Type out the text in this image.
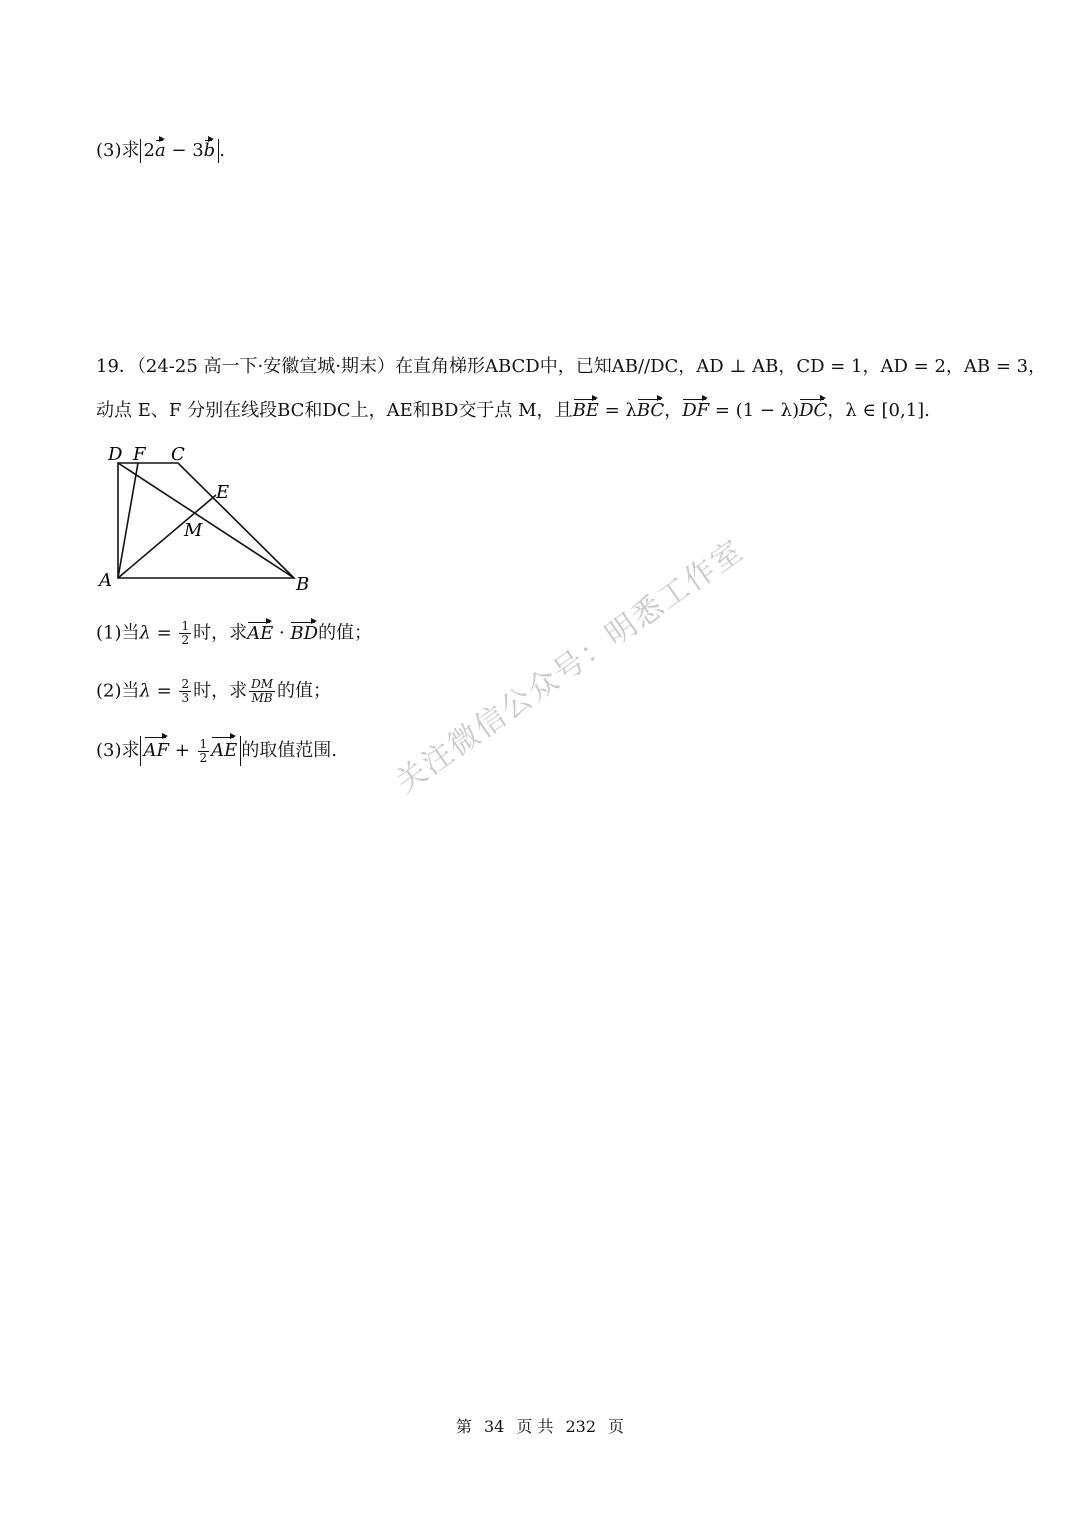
(3)求 2a − 3b .
19．（24-25 高一下·安徽宣城·期末）在直角梯形ABCD中，已知AB//DC，AD ⊥ AB，CD = 1，AD = 2，AB = 3，
动点 E、F 分别在线段BC和DC上，AE和BD交于点 M，且BE = λBC，DF = (1 − λ)DC，λ ∈ [0,1].
D F C
E
M
A	B
(1)当$\lambda = \frac{1}{2}$ 时，求AE · BD的值；
(2)当$\lambda = \frac{2}{3}$ 时，求 $\frac{DM}{MB}$ 的值；
(3)求 AF + $\frac{1}{2}$ AE 的取值范围. 关注微信公众号：明悉工作室
第 34 页 共 232 页
